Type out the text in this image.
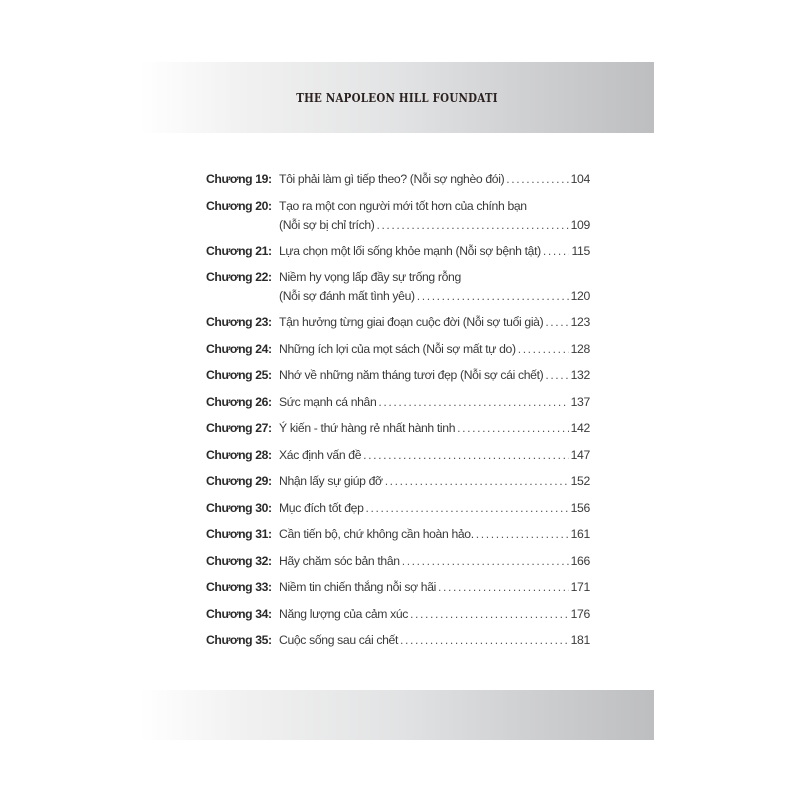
THE NAPOLEON HILL FOUNDATI
Chương 19: Tôi phải làm gì tiếp theo? (Nỗi sợ nghèo đói) .....	104
Chương 20: Tạo ra một con người mới tốt hơn của chính bạn
(Nỗi sợ bị chỉ trích) .....	109
Chương 21: Lựa chọn một lối sống khỏe mạnh (Nỗi sợ bệnh tật) .....	115
Chương 22: Niềm hy vọng lấp đầy sự trống rỗng
(Nỗi sợ đánh mất tình yêu) .....	120
Chương 23: Tận hưởng từng giai đoạn cuộc đời (Nỗi sợ tuổi già) ..... 123
Chương 24: Những ích lợi của mọt sách (Nỗi sợ mất tự do) .....	128
Chương 25: Nhớ về những năm tháng tươi đẹp (Nỗi sợ cái chết) ..... 132
Chương 26: Sức mạnh cá nhân .....	137
Chương 27: Ý kiến - thứ hàng rẻ nhất hành tinh .....	142
Chương 28: Xác định vấn đề .....	147
Chương 29: Nhận lấy sự giúp đỡ .....	152
Chương 30: Mục đích tốt đẹp .....	156
Chương 31: Cần tiến bộ, chứ không cần hoàn hảo. .....	161
Chương 32: Hãy chăm sóc bản thân .....	166
Chương 33: Niềm tin chiến thắng nỗi sợ hãi .....	171
Chương 34: Năng lượng của cảm xúc .....	176
Chương 35: Cuộc sống sau cái chết .....	181
